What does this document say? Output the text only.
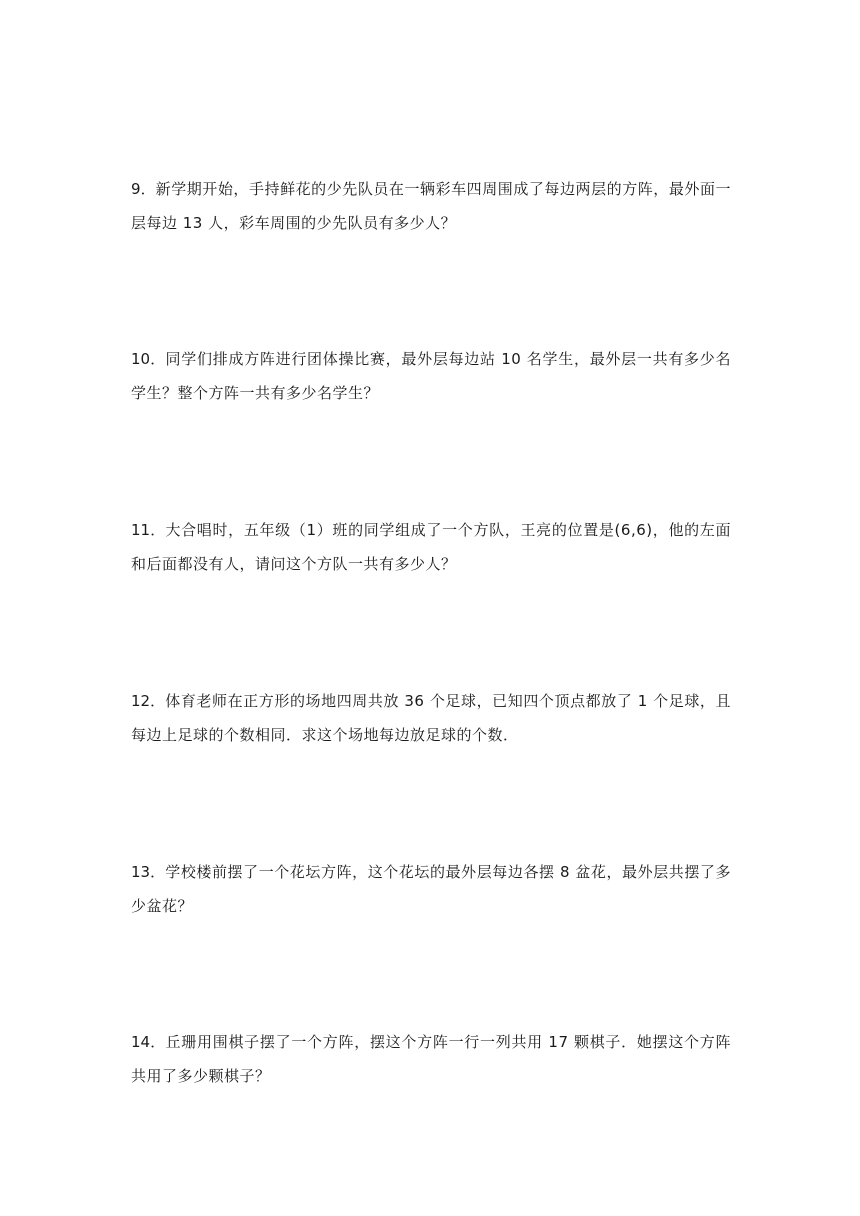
9．新学期开始，手持鲜花的少先队员在一辆彩车四周围成了每边两层的方阵，最外面一层每边 13 人，彩车周围的少先队员有多少人？

10．同学们排成方阵进行团体操比赛，最外层每边站 10 名学生，最外层一共有多少名学生？整个方阵一共有多少名学生？

11．大合唱时，五年级（1）班的同学组成了一个方队，王亮的位置是(6,6)，他的左面和后面都没有人，请问这个方队一共有多少人？

12．体育老师在正方形的场地四周共放 36 个足球，已知四个顶点都放了 1 个足球，且每边上足球的个数相同．求这个场地每边放足球的个数．

13．学校楼前摆了一个花坛方阵，这个花坛的最外层每边各摆 8 盆花，最外层共摆了多少盆花？

14．丘珊用围棋子摆了一个方阵，摆这个方阵一行一列共用 17 颗棋子．她摆这个方阵共用了多少颗棋子？
